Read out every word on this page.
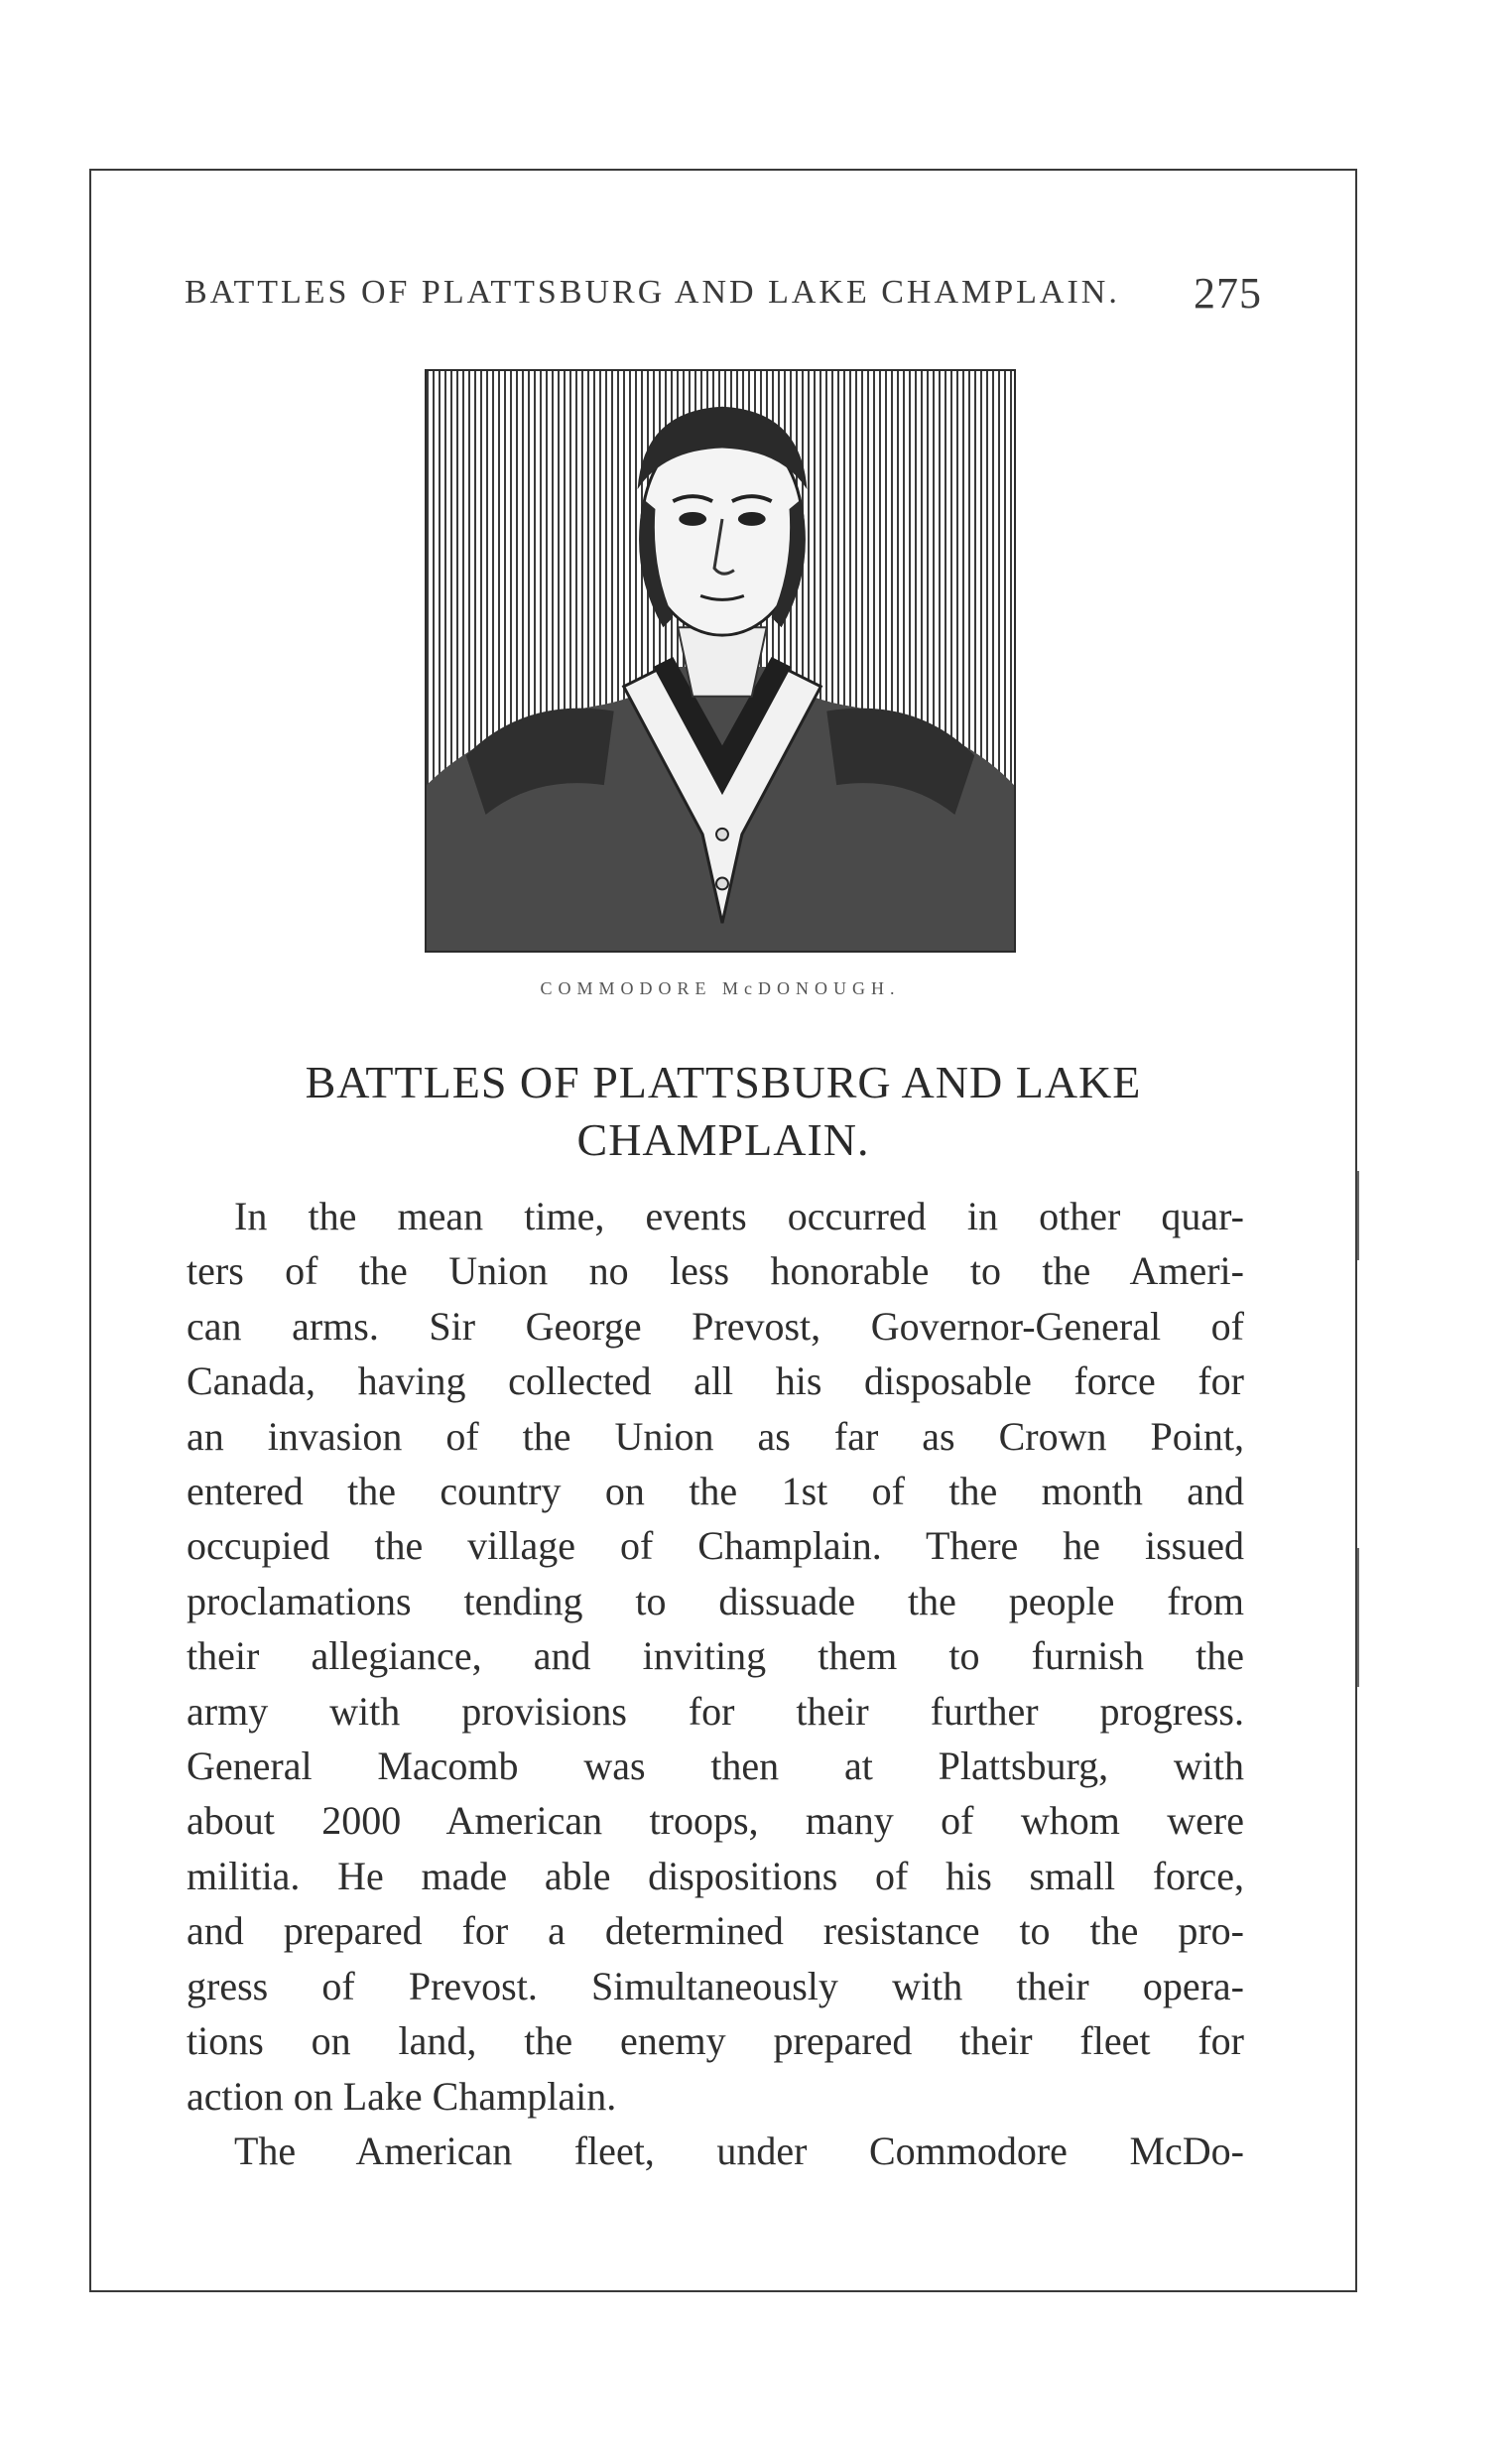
BATTLES OF PLATTSBURG AND LAKE CHAMPLAIN. 275
COMMODORE McDONOUGH.
BATTLES OF PLATTSBURG AND LAKE
CHAMPLAIN.
In the mean time, events occurred in other quar-
ters of the Union no less honorable to the Ameri-
can arms. Sir George Prevost, Governor-General of
Canada, having collected all his disposable force for
an invasion of the Union as far as Crown Point,
entered the country on the 1st of the month and
occupied the village of Champlain. There he issued
proclamations tending to dissuade the people from
their allegiance, and inviting them to furnish the
army with provisions for their further progress.
General Macomb was then at Plattsburg, with
about 2000 American troops, many of whom were
militia. He made able dispositions of his small force,
and prepared for a determined resistance to the pro-
gress of Prevost. Simultaneously with their opera-
tions on land, the enemy prepared their fleet for
action on Lake Champlain.
The American fleet, under Commodore McDo-
